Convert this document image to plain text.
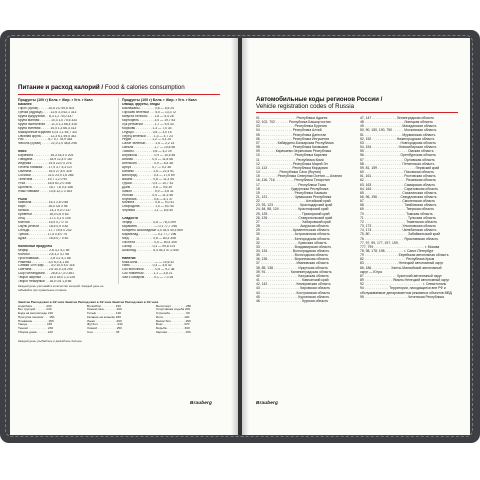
Питание и расход калорий / Food & calories consumption
Продукты (100 г) Белк. г Жир. г Угл. г Ккал
Бакалея
Горох (сухой) . . . . . 20,5 2,0 49,5 303
Гречка (ядрица) . . . . 12,6 3,3 62,1 313
Крупа кукурузная . . 8,3 1,2 75,0 337
Крупа манная . . . . . . 10,3 1,0 70,6 333
Крупа пшеничная . . . 11,3 1,3 66,4 316
Крупа ячневая . . . . . 10,4 1,3 66,3 313
Макаронные изделия 10,4 1,1 69,7 337
Овсяная крупа . . . . . 12,3 6,1 59,5 342
Рис . . . . . . . . . . . . . 6,7 0,7 78,9 344
Фасоль (сухая) . . . . . 21,0 2,0 46,8 298
Мясо
Баранина . . . . . . . . . 16,3 15,3 0 203
Говядина . . . . . . . . . 18,9 12,4 0 187
Индейка . . . . . . . . . 19,5 22,0 0 276
Печень говяжья . . . 17,9 3,7 5,3 127
Свинина . . . . . . . . . 16,4 27,8 0 316
Сосиски . . . . . . . . . 11,0 23,9 1,6 266
Телятина . . . . . . . . 19,7 1,2 0 90
Утка . . . . . . . . . . . . 16,5 61,2 0 346
Цыплята . . . . . . . . . 18,7 7,8 0,4 156
Язык говяжий . . . . . 13,6 12,1 0 163
Рыба
Камбала . . . . . . . . . 16,1 2,6 0 88
Карп . . . . . . . . . . . . 16,0 3,6 0 96
Килька . . . . . . . . . . . 14,1 9,0 0 137
Креветки . . . . . . . . . 18,0 0,8 0 83
Лещ . . . . . . . . . . . . . 17,1 4,1 0 105
Минтай . . . . . . . . . . 15,9 0,7 0 70
Окунь речной . . . . . 18,5 0,9 0 82
Сельдь . . . . . . . . . . 17,7 19,5 0 242
Треска . . . . . . . . . . 17,5 0,6 0 75
Щука . . . . . . . . . . . . 18,8 0,7 0 82
Молочные продукты
Кефир . . . . . . . . . . . 2,8 3,2 4,1 59
Молоко . . . . . . . . . . 2,8 3,2 4,7 58
Простокваша . . . . . . 2,8 3,2 4,1 58
Ряженка . . . . . . . . . 3,0 6,0 4,1 85
Сливки 10% жир. . . . 3,0 10,0 4,0 118
Сметана . . . . . . . . . 2,6 30,0 2,8 294
Сыр голландский . . . 26,8 27,3 0 361
Творог жирный . . . . 14,0 18,0 1,3 226
Творог нежирный . . 18,0 0,6 1,5 86
Продукты (100 г) Белк. г Жир. г Угл. г Ккал
Овощи, фрукты, ягоды
Баклажаны . . . . . . . . 0,6 — 5,5 24
Горошек зелёный . . . 5,0 — 13,3 72
Капуста белокоч. . . . 1,8 — 5,4 28
Картофель . . . . . . . . 2,0 — 19,7 83
Лук репчатый . . . . . . 1,7 — 9,5 43
Морковь . . . . . . . . . 1,3 — 7,0 33
Огурцы . . . . . . . . . . 0,8 — 3,0 15
Перец зелёный . . . . 1,3 — 4,7 23
Редис . . . . . . . . . . . 1,2 — 4,1 20
Салат зелёный . . . . . 1,5 — 2,2 14
Свёкла . . . . . . . . . . . 1,7 — 10,8 48
Томаты . . . . . . . . . . 0,6 — 4,2 19
Абрикосы . . . . . . . . . 0,9 — 10,5 46
Ананас . . . . . . . . . . 0,4 — 11,8 48
Апельсин . . . . . . . . . 0,9 — 8,4 38
Арбуз . . . . . . . . . . . 0,7 — 9,2 38
Бананы . . . . . . . . . . 1,5 — 22,4 91
Виноград . . . . . . . . . 0,4 — 17,5 69
Вишня . . . . . . . . . . . 0,8 — 11,3 49
Груша . . . . . . . . . . . 0,4 — 10,7 42
Дыня . . . . . . . . . . . . 0,6 — 9,6 39
Лимон . . . . . . . . . . . . 0,9 — 3,6 31
Яблоки . . . . . . . . . . 0,4 — 11,3 46
Клубника . . . . . . . . . 0,8 — 8,1 37
Малина . . . . . . . . . . . 0,8 — 9,0 41
Смородина . . . . . . . . 1,0 — 8,0 40
Черника . . . . . . . . . . 1,1 — 8,6 40
Сладости
Зефир . . . . . . . . . . . 0,8 — 78,3 299
Карамель . . . . . . . . . — 0,1 77,7 296
Конфеты шоколадные 3,0 35,4 49,3 569
Мармелад . . . . . . . . — 0,1 77,7 296
Мёд . . . . . . . . . . . . . 0,8 — 80,3 308
Пастила . . . . . . . . . . 0,5 — 80,4 305
Сахар . . . . . . . . . . . 0,3 — 99,8 374
Шоколад . . . . . . . . . 5,4 35,3 47,2 540
Напитки
Кока-кола . . . . . . . . . — — 10,6 42
Пиво . . . . . . . . . . . . 0,3 — 4,6 42
Сок яблочный . . . . . . 0,5 — 9,1 38
Сок томатный . . . . . 1,1 — 3,8 21
Чай с сахаром . . . . . 0,1 — 7,0 28
Каждый день учитывайте количество калорий. Каждый день не забывайте про правильное питание.
Занятие Расход ккал в 1/2 часа Занятие Расход ккал в 1/2 часа Занятие Расход ккал в 1/2 часа
Аэробика . . . . . . . . 200
Бег трусцой . . . . . . 240
Езда на велосипеде 210
Прогулка пешком . . . 150
Плавание . . . . . . . . . 250
Танцы . . . . . . . . . . . 165
Теннис . . . . . . . . . . . 230
Уборка дома . . . . . . 120
Волейбол . . . . . . . . 150
Гимнастика . . . . . . . 160
Гольф . . . . . . . . . . . 120
Катание на коньках 180
Лыжи . . . . . . . . . . . . 260
Футбол . . . . . . . . . . . 240
Хоккей . . . . . . . . . . . 250
Сон . . . . . . . . . . . . . 35
Велоспорт . . . . . . . . 280
Спортивная ходьба 200
Стрельба . . . . . . . . . 90
Йога . . . . . . . . . . . . 120
Баскетбол . . . . . . . . 250
Бокс . . . . . . . . . . . . 370
Борьба . . . . . . . . . . 300
Кёрлинг . . . . . . . . . . 150
Каждый день улыбайтесь и двигайтесь больше.
Brauberg
Автомобильные коды регионов России /
Vehicle registration codes of Russia
01 . . . . . . . . . . . . . . . . . . . Республика Адыгея
02, 102, 702 . . . . . . . Республика Башкортостан
03 . . . . . . . . . . . . . . . . . . Республика Бурятия
04 . . . . . . . . . . . . . . . . . Республика Алтай
05 . . . . . . . . . . . . . . . . . Республика Дагестан
06 . . . . . . . . . . . . . . . . . Республика Ингушетия
07 . . . . . . . . . Кабардино-Балкарская Республика
08 . . . . . . . . . . . . . . . . . Республика Калмыкия
09 . . . . . . . . Карачаево-Черкесская Республика
10 . . . . . . . . . . . . . . . . . . Республика Карелия
11 . . . . . . . . . . . . . . . . . . . Республика Коми
12 . . . . . . . . . . . . . . . . . Республика Марий Эл
13, 113 . . . . . . . . . . . . . Республика Мордовия
14 . . . . . . . . . . Республика Саха (Якутия)
15 . . . . . . . . . Республика Северная Осетия — Алания
16, 116, 716 . . . . . . . . . . Республика Татарстан
17 . . . . . . . . . . . . . . . . . . . . Республика Тыва
18 . . . . . . . . . . . . . . . . Удмуртская Республика
19 . . . . . . . . . . . . . . . . . . Республика Хакасия
21, 121 . . . . . . . . . . . . . . Чувашская Республика
22 . . . . . . . . . . . . . . . . . . . . . . . . Алтайский край
23, 93, 123 . . . . . . . . . . . . . . Краснодарский край
24, 84, 88, 124 . . . . . . . . . . Красноярский край
25, 125 . . . . . . . . . . . . . . . . . . Приморский край
26, 126 . . . . . . . . . . . . . . . . Ставропольский край
27 . . . . . . . . . . . . . . . . . . . . . . Хабаровский край
28 . . . . . . . . . . . . . . . . . . . . . Амурская область
29 . . . . . . . . . . . . . . . . . Архангельская область
30 . . . . . . . . . . . . . . . . . . Астраханская область
31 . . . . . . . . . . . . . . . . . . Белгородская область
32 . . . . . . . . . . . . . . . . . . . . Брянская область
33 . . . . . . . . . . . . . . . . . . Владимирская область
34, 134 . . . . . . . . . . . . . Волгоградская область
35 . . . . . . . . . . . . . . . . . . Вологодская область
36, 136 . . . . . . . . . . . . . . Воронежская область
37 . . . . . . . . . . . . . . . . . . . Ивановская область
38, 85, 138 . . . . . . . . . . . . . Иркутская область
39, 91 . . . . . . . . . . . . . Калининградская область
40 . . . . . . . . . . . . . . . . . . . . Калужская область
41 . . . . . . . . . . . . . . . . . . . . . . Камчатский край
42, 142 . . . . . . . . . . . . . . . Кемеровская область
43 . . . . . . . . . . . . . . . . . . . . . Кировская область
44 . . . . . . . . . . . . . . . . . . . Костромская область
45 . . . . . . . . . . . . . . . . . . . . Курганская область
46 . . . . . . . . . . . . . . . . . . . . . . Курская область
47, 147 . . . . . . . . . . . . . Ленинградская область
48 . . . . . . . . . . . . . . . . . . . . . Липецкая область
49 . . . . . . . . . . . . . . . . . . . . Магаданская область
50, 90, 150, 190, 750 . . . . . . Московская область
51 . . . . . . . . . . . . . . . . . . . . Мурманская область
52, 152 . . . . . . . . . . . . . Нижегородская область
53 . . . . . . . . . . . . . . . . . . . Новгородская область
54, 154 . . . . . . . . . . . . . . Новосибирская область
55 . . . . . . . . . . . . . . . . . . . . . . . Омская область
56 . . . . . . . . . . . . . . . . . . . Оренбургская область
57 . . . . . . . . . . . . . . . . . . . . . Орловская область
58 . . . . . . . . . . . . . . . . . . . . Пензенская область
59, 81, 159 . . . . . . . . . . . . . . . . . . . . Пермский край
60 . . . . . . . . . . . . . . . . . . . . . Псковская область
61, 161 . . . . . . . . . . . . . . . . . Ростовская область
62 . . . . . . . . . . . . . . . . . . . . . . Рязанская область
63, 163 . . . . . . . . . . . . . . . . . Самарская область
64, 164 . . . . . . . . . . . . . . . . . Саратовская область
65 . . . . . . . . . . . . . . . . . . . . Сахалинская область
66, 96, 196 . . . . . . . . . . . . Свердловская область
67 . . . . . . . . . . . . . . . . . . . . Смоленская область
68 . . . . . . . . . . . . . . . . . . . . . Тамбовская область
69 . . . . . . . . . . . . . . . . . . . . . . Тверская область
70 . . . . . . . . . . . . . . . . . . . . . . Томская область
71 . . . . . . . . . . . . . . . . . . . . . . . Тульская область
72 . . . . . . . . . . . . . . . . . . . . . . Тюменская область
73, 173 . . . . . . . . . . . . . . . . Ульяновская область
74, 174 . . . . . . . . . . . . . . . . Челябинская область
75, 80 . . . . . . . . . . . . . . . . . . . . Забайкальский край
76 . . . . . . . . . . . . . . . . . . . . . Ярославская область
77, 97, 99, 177, 197, 199,
777, 799 . . . . . . . . . . . . . . . . . . . . . . . . . . . г. Москва
78, 98, 178, 198 . . . . . . . . . . г. Санкт-Петербург
79 . . . . . . . . . . . . . . . . . . Еврейская автономная область
82 . . . . . . . . . . . . . . . . . . . . . . Республика Крым
83 . . . . . . . . . . . . . . . . . . Ненецкий автономный округ
86, 186 . . . . . . . . . . Ханты-Мансийский автономный
округ — Югра
87 . . . . . . . . . . . . . . . . . Чукотский автономный округ
89 . . . . . . . . . . . . . . . Ямало-Ненецкий автономный округ
92 . . . . . . . . . . . . . . . . . . . . . . . . . . . . . . . г. Севастополь
94 . . . . . . . . . . . . . Территории, находящиеся вне РФ и
обслуживаемые департаментом режимных объектов МВД
95 . . . . . . . . . . . . . . . . . . . . . . . Чеченская Республика
Brauberg
